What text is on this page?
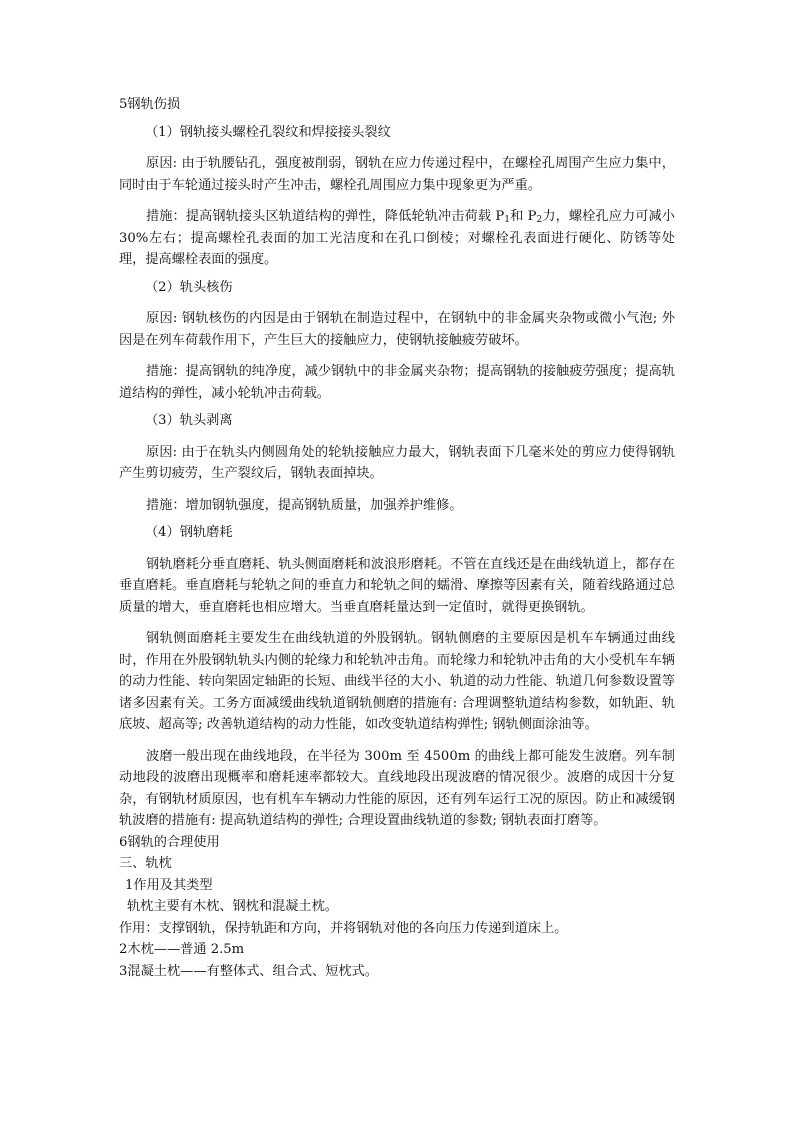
5钢轨伤损

（1）钢轨接头螺栓孔裂纹和焊接接头裂纹

原因: 由于轨腰钻孔，强度被削弱，钢轨在应力传递过程中，在螺栓孔周围产生应力集中，同时由于车轮通过接头时产生冲击，螺栓孔周围应力集中现象更为严重。

措施：提高钢轨接头区轨道结构的弹性，降低轮轨冲击荷载 $P_1$和 $P_2$力，螺栓孔应力可减小 30%左右；提高螺栓孔表面的加工光洁度和在孔口倒棱；对螺栓孔表面进行硬化、防锈等处理，提高螺栓表面的强度。

（2）轨头核伤

原因: 钢轨核伤的内因是由于钢轨在制造过程中，在钢轨中的非金属夹杂物或微小气泡; 外因是在列车荷载作用下，产生巨大的接触应力，使钢轨接触疲劳破坏。

措施：提高钢轨的纯净度，减少钢轨中的非金属夹杂物；提高钢轨的接触疲劳强度；提高轨道结构的弹性，减小轮轨冲击荷载。

（3）轨头剥离

原因: 由于在轨头内侧圆角处的轮轨接触应力最大，钢轨表面下几毫米处的剪应力使得钢轨产生剪切疲劳，生产裂纹后，钢轨表面掉块。

措施：增加钢轨强度，提高钢轨质量，加强养护维修。

（4）钢轨磨耗

钢轨磨耗分垂直磨耗、轨头侧面磨耗和波浪形磨耗。不管在直线还是在曲线轨道上，都存在垂直磨耗。垂直磨耗与轮轨之间的垂直力和轮轨之间的蠕滑、摩擦等因素有关，随着线路通过总质量的增大，垂直磨耗也相应增大。当垂直磨耗量达到一定值时，就得更换钢轨。

钢轨侧面磨耗主要发生在曲线轨道的外股钢轨。钢轨侧磨的主要原因是机车车辆通过曲线时，作用在外股钢轨轨头内侧的轮缘力和轮轨冲击角。而轮缘力和轮轨冲击角的大小受机车车辆的动力性能、转向架固定轴距的长短、曲线半径的大小、轨道的动力性能、轨道几何参数设置等诸多因素有关。工务方面减缓曲线轨道钢轨侧磨的措施有: 合理调整轨道结构参数，如轨距、轨底坡、超高等; 改善轨道结构的动力性能，如改变轨道结构弹性; 钢轨侧面涂油等。

波磨一般出现在曲线地段，在半径为 300m 至 4500m 的曲线上都可能发生波磨。列车制动地段的波磨出现概率和磨耗速率都较大。直线地段出现波磨的情况很少。波磨的成因十分复杂，有钢轨材质原因，也有机车车辆动力性能的原因，还有列车运行工况的原因。防止和减缓钢轨波磨的措施有: 提高轨道结构的弹性; 合理设置曲线轨道的参数; 钢轨表面打磨等。

6钢轨的合理使用

三、轨枕

1作用及其类型

轨枕主要有木枕、钢枕和混凝土枕。

作用：支撑钢轨，保持轨距和方向，并将钢轨对他的各向压力传递到道床上。

2木枕——普通 2.5m

3混凝土枕——有整体式、组合式、短枕式。
